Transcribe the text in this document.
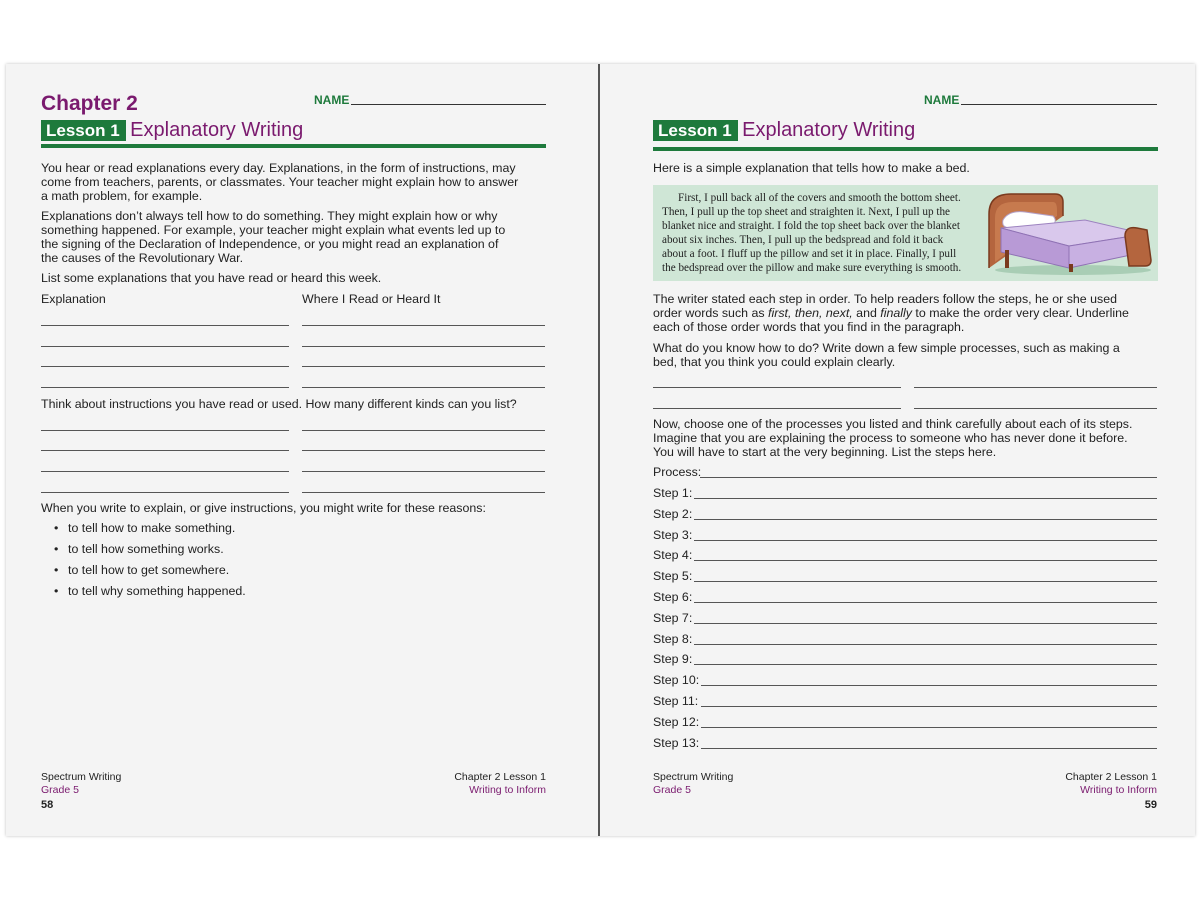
NAME
Chapter 2
Lesson 1 Explanatory Writing
You hear or read explanations every day. Explanations, in the form of instructions, may
come from teachers, parents, or classmates. Your teacher might explain how to answer
a math problem, for example.
Explanations don’t always tell how to do something. They might explain how or why
something happened. For example, your teacher might explain what events led up to
the signing of the Declaration of Independence, or you might read an explanation of
the causes of the Revolutionary War.
List some explanations that you have read or heard this week.
Explanation	Where I Read or Heard It
Think about instructions you have read or used. How many different kinds can you list?
When you write to explain, or give instructions, you might write for these reasons:
• to tell how to make something.
• to tell how something works.
• to tell how to get somewhere.
• to tell why something happened.
Spectrum Writing
Grade 5
58
Chapter 2 Lesson 1
Writing to Inform
NAME
Lesson 1 Explanatory Writing
Here is a simple explanation that tells how to make a bed.
First, I pull back all of the covers and smooth the bottom sheet.
Then, I pull up the top sheet and straighten it. Next, I pull up the
blanket nice and straight. I fold the top sheet back over the blanket
about six inches. Then, I pull up the bedspread and fold it back
about a foot. I fluff up the pillow and set it in place. Finally, I pull
the bedspread over the pillow and make sure everything is smooth.
The writer stated each step in order. To help readers follow the steps, he or she used
order words such as first, then, next, and finally to make the order very clear. Underline
each of those order words that you find in the paragraph.
What do you know how to do? Write down a few simple processes, such as making a
bed, that you think you could explain clearly.
Now, choose one of the processes you listed and think carefully about each of its steps.
Imagine that you are explaining the process to someone who has never done it before.
You will have to start at the very beginning. List the steps here.
Process:
Step 1:
Step 2:
Step 3:
Step 4:
Step 5:
Step 6:
Step 7:
Step 8:
Step 9:
Step 10:
Step 11:
Step 12:
Step 13:
Spectrum Writing
Grade 5
Chapter 2 Lesson 1
Writing to Inform
59
